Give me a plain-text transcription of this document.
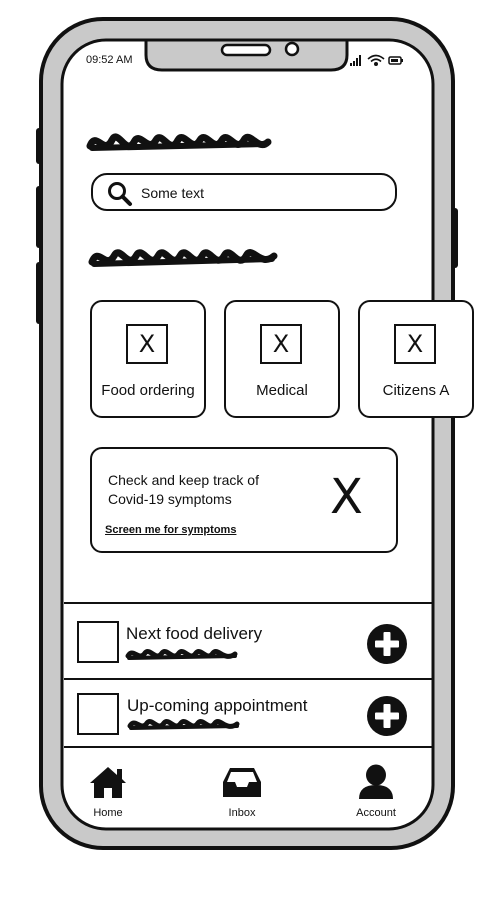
09:52 AM
Some text
X
Food ordering
X
Medical
X
Citizens A
Check and keep track of
Covid-19 symptoms
Screen me for symptoms
X
Next food delivery
Up-coming appointment
Home	Inbox	Account
